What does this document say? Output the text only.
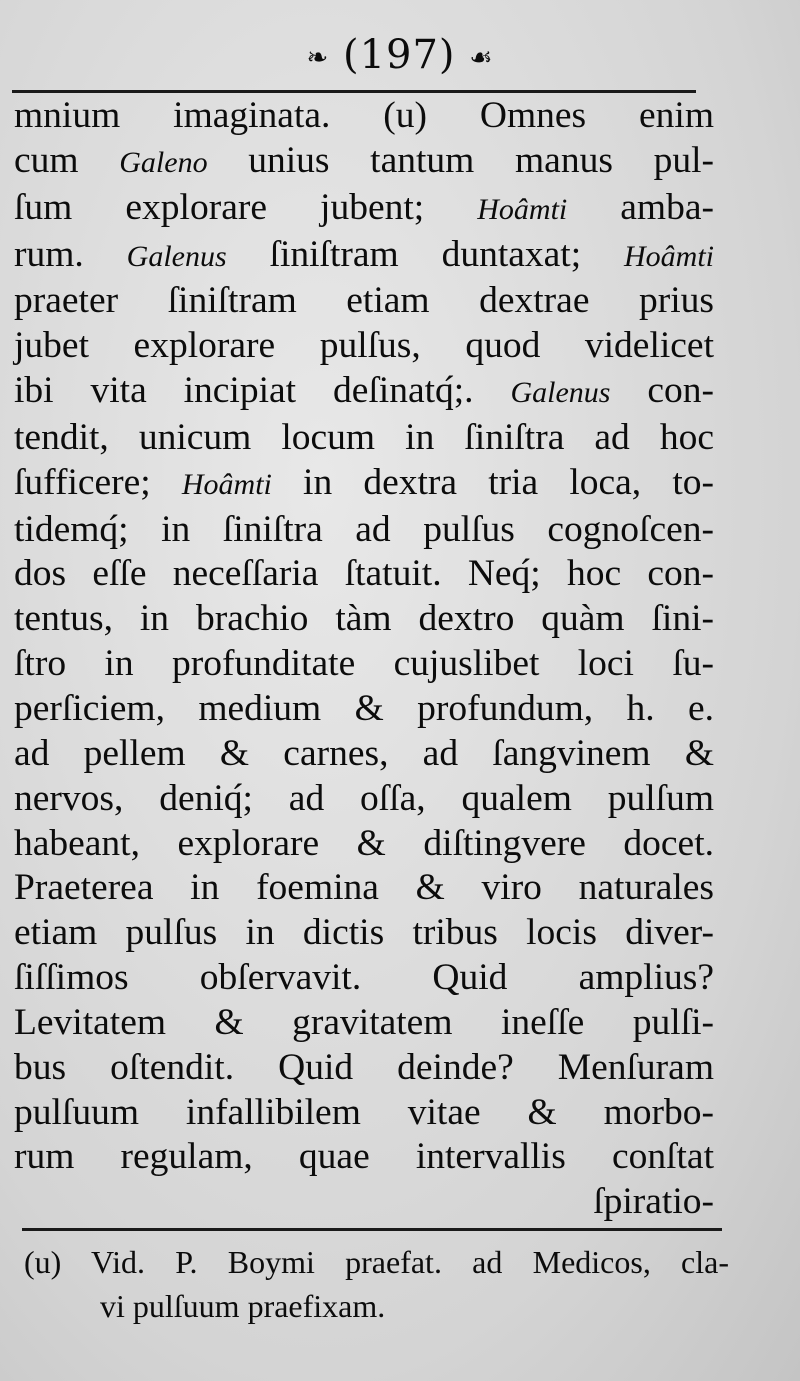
❧ (197) ☙
mnium imaginata. (u) Omnes enim
cum Galeno unius tantum manus pul-
ſum explorare jubent; Hoâmti amba-
rum. Galenus ſiniſtram duntaxat; Hoâmti
praeter ſiniſtram etiam dextrae prius
jubet explorare pulſus, quod videlicet
ibi vita incipiat deſinatq́;. Galenus con-
tendit, unicum locum in ſiniſtra ad hoc
ſufficere; Hoâmti in dextra tria loca, to-
tidemq́; in ſiniſtra ad pulſus cognoſcen-
dos eſſe neceſſaria ſtatuit. Neq́; hoc con-
tentus, in brachio tàm dextro quàm ſini-
ſtro in profunditate cujuslibet loci ſu-
perſiciem, medium & profundum, h. e.
ad pellem & carnes, ad ſangvinem &
nervos, deniq́; ad oſſa, qualem pulſum
habeant, explorare & diſtingvere docet.
Praeterea in foemina & viro naturales
etiam pulſus in dictis tribus locis diver-
ſiſſimos obſervavit. Quid amplius?
Levitatem & gravitatem ineſſe pulſi-
bus oſtendit. Quid deinde? Menſuram
pulſuum infallibilem vitae & morbo-
rum regulam, quae intervallis conſtat
ſpiratio-
(u) Vid. P. Boymi praefat. ad Medicos, cla-
vi pulſuum praefixam.
